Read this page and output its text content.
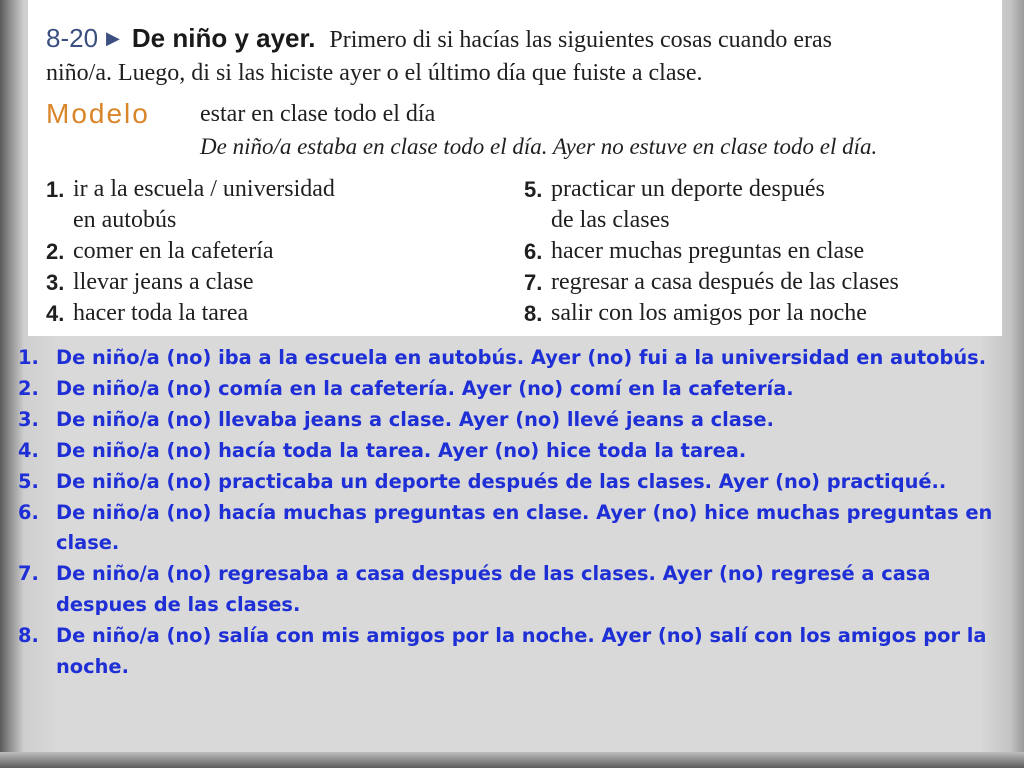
8-20 ▶ De niño y ayer. Primero di si hacías las siguientes cosas cuando eras
niño/a. Luego, di si las hiciste ayer o el último día que fuiste a clase.
Modelo estar en clase todo el día
De niño/a estaba en clase todo el día. Ayer no estuve en clase todo el día.
1. ir a la escuela / universidad
en autobús
2. comer en la cafetería
3. llevar jeans a clase
4. hacer toda la tarea
5. practicar un deporte después
de las clases
6. hacer muchas preguntas en clase
7. regresar a casa después de las clases
8. salir con los amigos por la noche
1. De niño/a (no) iba a la escuela en autobús. Ayer (no) fui a la universidad en autobús.
2. De niño/a (no) comía en la cafetería. Ayer (no) comí en la cafetería.
3. De niño/a (no) llevaba jeans a clase. Ayer (no) llevé jeans a clase.
4. De niño/a (no) hacía toda la tarea. Ayer (no) hice toda la tarea.
5. De niño/a (no) practicaba un deporte después de las clases. Ayer (no) practiqué..
6. De niño/a (no) hacía muchas preguntas en clase. Ayer (no) hice muchas preguntas en clase.
7. De niño/a (no) regresaba a casa después de las clases. Ayer (no) regresé a casa despues de las clases.
8. De niño/a (no) salía con mis amigos por la noche. Ayer (no) salí con los amigos por la noche.
